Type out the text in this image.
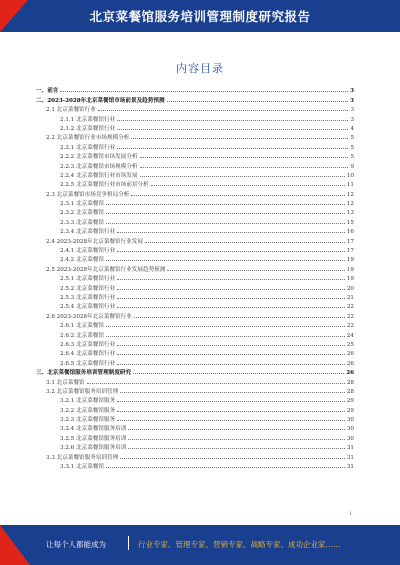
北京菜餐馆服务培训管理制度研究报告
内容目录
一、前言	3
二、2023-2028年北京菜餐馆市场前景及趋势预测	3
2.1 北京菜餐馆行业	3
2.1.1 北京菜餐馆行业	3
2.1.2 北京菜餐馆行业	4
2.2 北京菜餐馆行业市场规模分析	5
2.2.1 北京菜餐馆行业	5
2.2.2 北京菜餐馆市场发展分析	5
2.2.3 北京菜餐馆市场规模分析	9
2.2.4 北京菜餐馆行业市场发展	10
2.2.5 北京菜餐馆行业市场前景分析	11
2.3 北京菜餐馆市场竞争格局分析	12
2.3.1 北京菜餐馆	12
2.3.2 北京菜餐馆	13
2.3.3 北京菜餐馆	15
2.3.4 北京菜餐馆行业	16
2.4 2023-2028年北京菜餐馆行业发展	17
2.4.1 北京菜餐馆行业	17
2.4.2 北京菜餐馆	19
2.5 2023-2028年北京菜餐馆行业发展趋势预测	19
2.5.1 北京菜餐馆行业	19
2.5.2 北京菜餐馆行业	20
2.5.3 北京菜餐馆行业	21
2.5.4 北京菜餐馆行业	22
2.6 2023-2028年北京菜餐馆行业	22
2.6.1 北京菜餐馆	22
2.6.2 北京菜餐馆	24
2.6.3 北京菜餐馆行业	25
2.6.4 北京菜餐馆行业	26
2.6.5 北京菜餐馆行业	26
三、北京菜餐馆服务培训管理制度研究	26
3.1 北京菜餐馆	28
3.2 北京菜餐馆服务培训管理	28
3.2.1 北京菜餐馆服务	29
3.2.2 北京菜餐馆服务	29
3.2.3 北京菜餐馆服务	30
3.2.4 北京菜餐馆服务培训	30
3.2.5 北京菜餐馆服务培训	30
3.2.6 北京菜餐馆服务培训	31
3.3 北京菜餐馆服务培训管理	31
3.3.1 北京菜餐馆	31
1
让每个人都能成为	行业专家、管理专家、营销专家、战略专家、成功企业家……
